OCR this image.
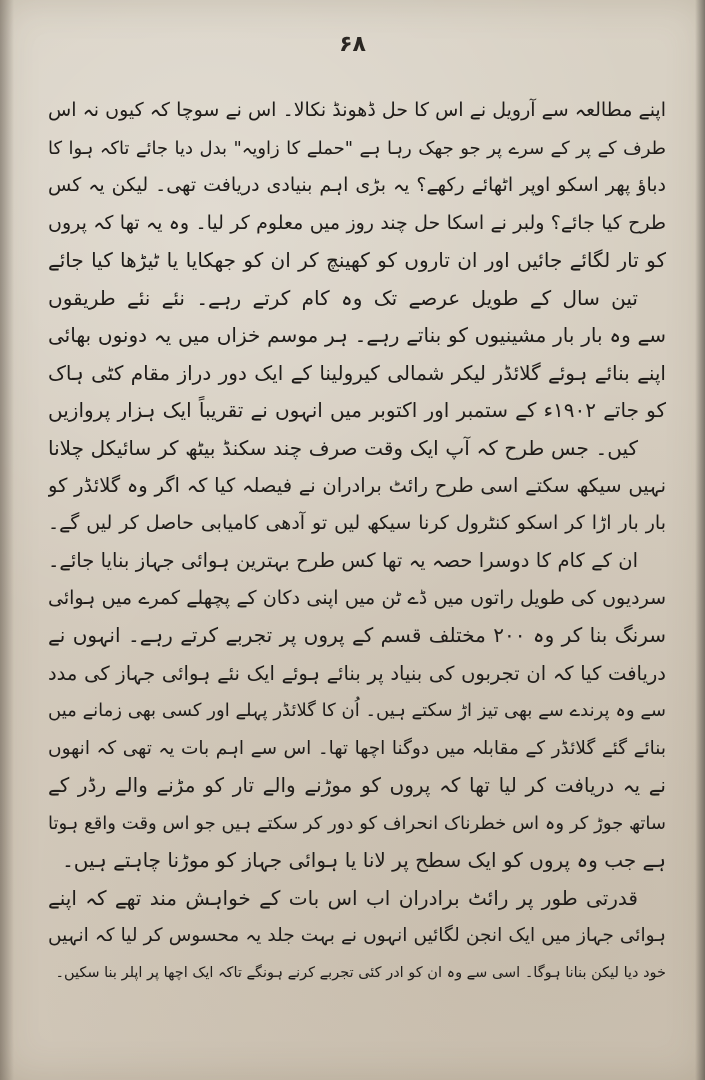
۶۸
اپنے مطالعہ سے آرویل نے اس کا حل ڈھونڈ نکالا۔ اس نے سوچا کہ کیوں نہ اس
طرف کے پر کے سرے پر جو جھک رہا ہے "حملے کا زاویہ" بدل دیا جائے تاکہ ہوا کا
دباؤ پھر اسکو اوپر اٹھائے رکھے؟ یہ بڑی اہم بنیادی دریافت تھی۔ لیکن یہ کس
طرح کیا جائے؟ ولبر نے اسکا حل چند روز میں معلوم کر لیا۔ وہ یہ تھا کہ پروں
کو تار لگائے جائیں اور ان تاروں کو کھینچ کر ان کو جھکایا یا ٹیڑھا کیا جائے
تین سال کے طویل عرصے تک وہ کام کرتے رہے۔ نئے نئے طریقوں
سے وہ بار بار مشینیوں کو بناتے رہے۔ ہر موسم خزاں میں یہ دونوں بھائی
اپنے بنائے ہوئے گلائڈر لیکر شمالی کیرولینا کے ایک دور دراز مقام کٹی ہاک
کو جاتے ۱۹۰۲ء کے ستمبر اور اکتوبر میں انہوں نے تقریباً ایک ہزار پروازیں
کیں۔ جس طرح کہ آپ ایک وقت صرف چند سکنڈ بیٹھ کر سائیکل چلانا
نہیں سیکھ سکتے اسی طرح رائٹ برادران نے فیصلہ کیا کہ اگر وہ گلائڈر کو
بار بار اڑا کر اسکو کنٹرول کرنا سیکھ لیں تو آدھی کامیابی حاصل کر لیں گے۔
ان کے کام کا دوسرا حصہ یہ تھا کس طرح بہترین ہوائی جہاز بنایا جائے۔
سردیوں کی طویل راتوں میں ڈے ٹن میں اپنی دکان کے پچھلے کمرے میں ہوائی
سرنگ بنا کر وہ ۲۰۰ مختلف قسم کے پروں پر تجربے کرتے رہے۔ انہوں نے
دریافت کیا کہ ان تجربوں کی بنیاد پر بنائے ہوئے ایک نئے ہوائی جہاز کی مدد
سے وہ پرندے سے بھی تیز اڑ سکتے ہیں۔ اُن کا گلائڈر پہلے اور کسی بھی زمانے میں
بنائے گئے گلائڈر کے مقابلہ میں دوگنا اچھا تھا۔ اس سے اہم بات یہ تھی کہ انھوں
نے یہ دریافت کر لیا تھا کہ پروں کو موڑنے والے تار کو مڑنے والے رڈر کے
ساتھ جوڑ کر وہ اس خطرناک انحراف کو دور کر سکتے ہیں جو اس وقت واقع ہوتا
ہے جب وہ پروں کو ایک سطح پر لانا یا ہوائی جہاز کو موڑنا چاہتے ہیں۔
قدرتی طور پر رائٹ برادران اب اس بات کے خواہش مند تھے کہ اپنے
ہوائی جہاز میں ایک انجن لگائیں انہوں نے بہت جلد یہ محسوس کر لیا کہ انہیں
خود دیا لیکن بنانا ہوگا۔ اسی سے وہ ان کو ادر کئی تجربے کرنے ہونگے تاکہ ایک اچھا پر اپلر بنا سکیں۔
